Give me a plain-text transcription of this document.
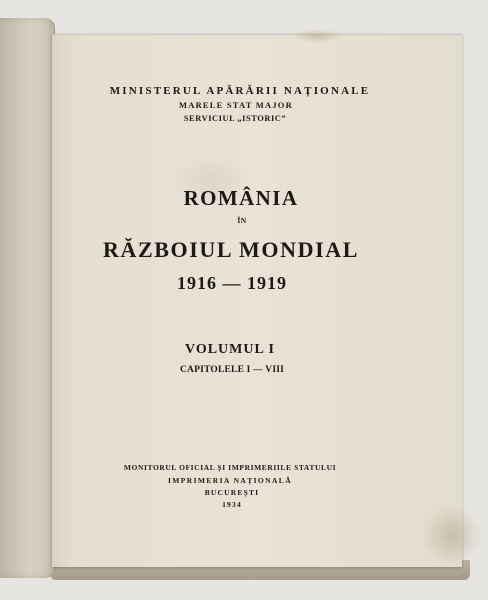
MINISTERUL APĂRĂRII NAȚIONALE
MARELE STAT MAJOR
SERVICIUL „ISTORIC”
ROMÂNIA
ÎN
RĂZBOIUL MONDIAL
1916 — 1919
VOLUMUL I
CAPITOLELE I — VIII
MONITORUL OFICIAL ȘI IMPRIMERIILE STATULUI
IMPRIMERIA NAȚIONALĂ
BUCUREȘTI
1934
